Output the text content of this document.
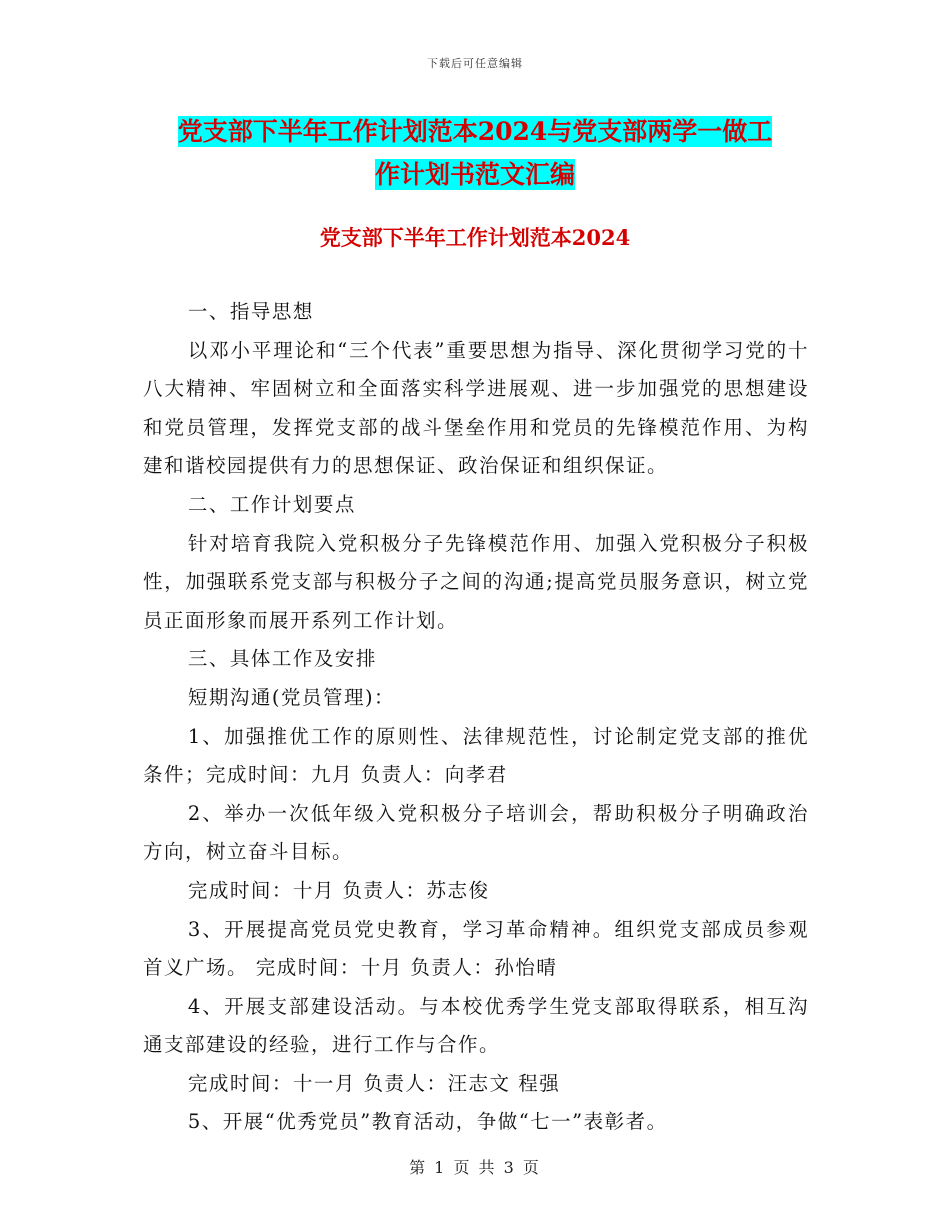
下载后可任意编辑
党支部下半年工作计划范本2024与党支部两学一做工
作计划书范文汇编
党支部下半年工作计划范本2024

一、指导思想

以邓小平理论和“三个代表”重要思想为指导、深化贯彻学习党的十八大精神、牢固树立和全面落实科学进展观、进一步加强党的思想建设和党员管理，发挥党支部的战斗堡垒作用和党员的先锋模范作用、为构建和谐校园提供有力的思想保证、政治保证和组织保证。

二、工作计划要点

针对培育我院入党积极分子先锋模范作用、加强入党积极分子积极性，加强联系党支部与积极分子之间的沟通;提高党员服务意识，树立党员正面形象而展开系列工作计划。

三、具体工作及安排

短期沟通(党员管理)：

1、加强推优工作的原则性、法律规范性，讨论制定党支部的推优条件；完成时间：九月 负责人：向孝君

2、举办一次低年级入党积极分子培训会，帮助积极分子明确政治方向，树立奋斗目标。

完成时间：十月 负责人：苏志俊

3、开展提高党员党史教育，学习革命精神。组织党支部成员参观首义广场。 完成时间：十月 负责人：孙怡晴

4、开展支部建设活动。与本校优秀学生党支部取得联系，相互沟通支部建设的经验，进行工作与合作。

完成时间：十一月 负责人：汪志文 程强

5、开展“优秀党员”教育活动，争做“七一”表彰者。

第 1 页 共 3 页
